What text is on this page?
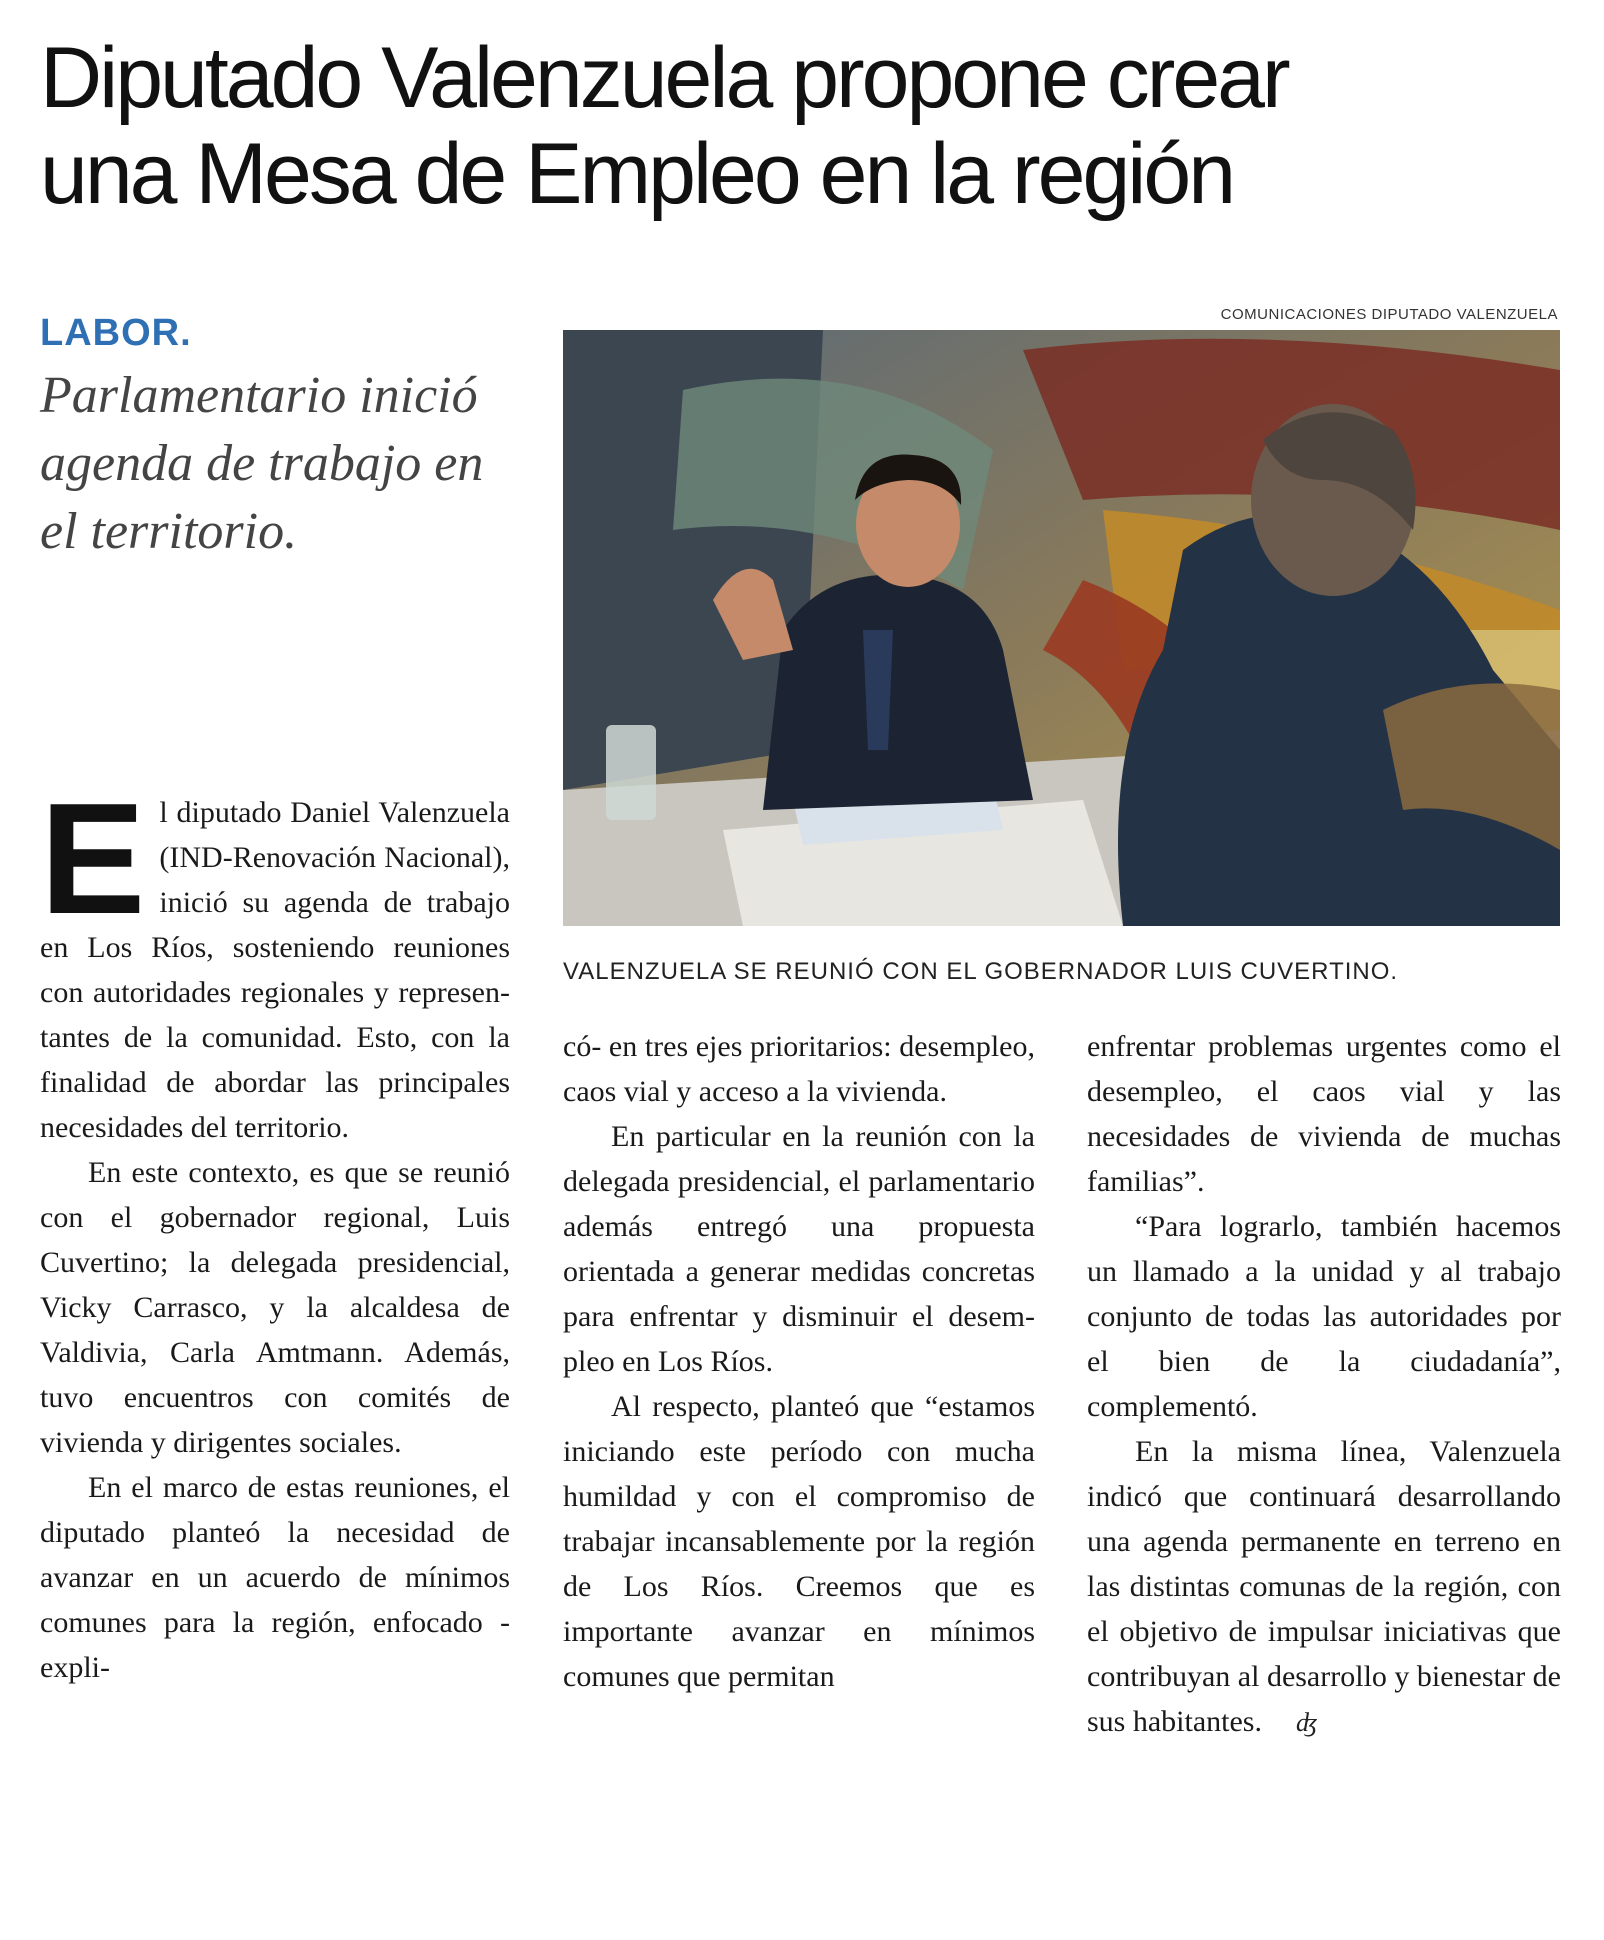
Diputado Valenzuela propone crear
una Mesa de Empleo en la región
LABOR.
Parlamentario inició agenda de trabajo en el territorio.
COMUNICACIONES DIPUTADO VALENZUELA
VALENZUELA SE REUNIÓ CON EL GOBERNADOR LUIS CUVERTINO.

El diputado Daniel Valenzuela (IND-Renovación Nacional), inició su agenda de trabajo en Los Ríos, sosteniendo reuniones con autoridades regionales y representantes de la comunidad. Esto, con la finalidad de abordar las principales necesidades del territorio.

En este contexto, es que se reunió con el gobernador regional, Luis Cuvertino; la delegada presidencial, Vicky Carrasco, y la alcaldesa de Valdivia, Carla Amtmann. Además, tuvo encuentros con comités de vivienda y dirigentes sociales.

En el marco de estas reuniones, el diputado planteó la necesidad de avanzar en un acuerdo de mínimos comunes para la región, enfocado -expli-

có- en tres ejes prioritarios: desempleo, caos vial y acceso a la vivienda.

En particular en la reunión con la delegada presidencial, el parlamentario además entregó una propuesta orientada a generar medidas concretas para enfrentar y disminuir el desempleo en Los Ríos.

Al respecto, planteó que “estamos iniciando este período con mucha humildad y con el compromiso de trabajar incansablemente por la región de Los Ríos. Creemos que es importante avanzar en mínimos comunes que permitan

enfrentar problemas urgentes como el desempleo, el caos vial y las necesidades de vivienda de muchas familias”.

“Para lograrlo, también hacemos un llamado a la unidad y al trabajo conjunto de todas las autoridades por el bien de la ciudadanía”, complementó.

En la misma línea, Valenzuela indicó que continuará desarrollando una agenda permanente en terreno en las distintas comunas de la región, con el objetivo de impulsar iniciativas que contribuyan al desarrollo y bienestar de sus habitantes. ʤ
